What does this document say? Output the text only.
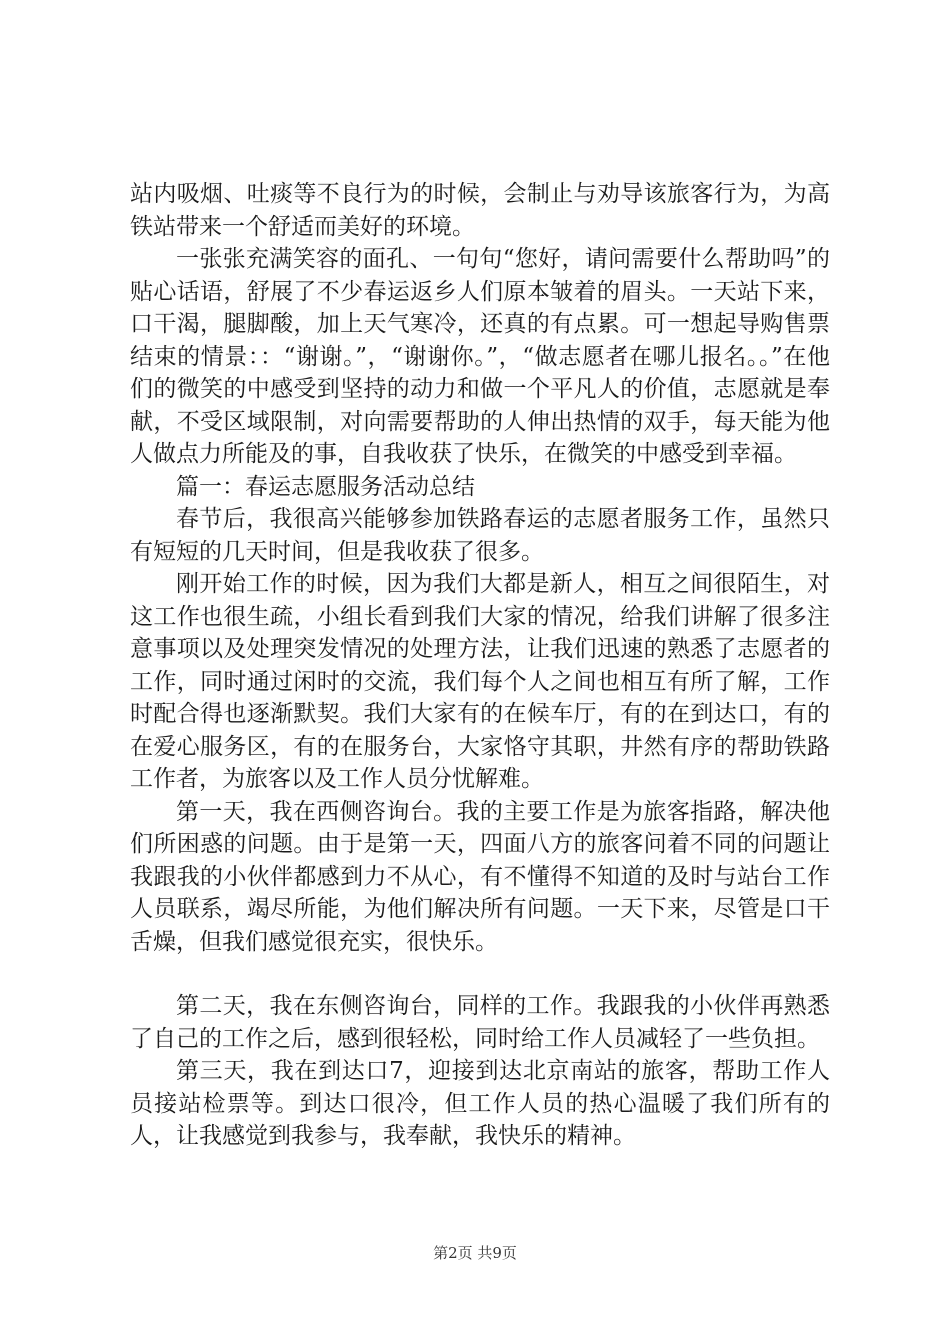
站内吸烟、吐痰等不良行为的时候，会制止与劝导该旅客行为，为高铁站带来一个舒适而美好的环境。

一张张充满笑容的面孔、一句句“您好，请问需要什么帮助吗”的贴心话语，舒展了不少春运返乡人们原本皱着的眉头。一天站下来，口干渴，腿脚酸，加上天气寒冷，还真的有点累。可一想起导购售票结束的情景：：“谢谢。”，“谢谢你。”，“做志愿者在哪儿报名。。”在他们的微笑的中感受到坚持的动力和做一个平凡人的价值，志愿就是奉献，不受区域限制，对向需要帮助的人伸出热情的双手，每天能为他人做点力所能及的事，自我收获了快乐，在微笑的中感受到幸福。

篇一：春运志愿服务活动总结

春节后，我很高兴能够参加铁路春运的志愿者服务工作，虽然只有短短的几天时间，但是我收获了很多。

刚开始工作的时候，因为我们大都是新人，相互之间很陌生，对这工作也很生疏，小组长看到我们大家的情况，给我们讲解了很多注意事项以及处理突发情况的处理方法，让我们迅速的熟悉了志愿者的工作，同时通过闲时的交流，我们每个人之间也相互有所了解，工作时配合得也逐渐默契。我们大家有的在候车厅，有的在到达口，有的在爱心服务区，有的在服务台，大家恪守其职，井然有序的帮助铁路工作者，为旅客以及工作人员分忧解难。

第一天，我在西侧咨询台。我的主要工作是为旅客指路，解决他们所困惑的问题。由于是第一天，四面八方的旅客问着不同的问题让我跟我的小伙伴都感到力不从心，有不懂得不知道的及时与站台工作人员联系，竭尽所能，为他们解决所有问题。一天下来，尽管是口干舌燥，但我们感觉很充实，很快乐。

第二天，我在东侧咨询台，同样的工作。我跟我的小伙伴再熟悉了自己的工作之后，感到很轻松，同时给工作人员减轻了一些负担。

第三天，我在到达口7，迎接到达北京南站的旅客，帮助工作人员接站检票等。到达口很冷，但工作人员的热心温暖了我们所有的人，让我感觉到我参与，我奉献，我快乐的精神。

第2页 共9页
